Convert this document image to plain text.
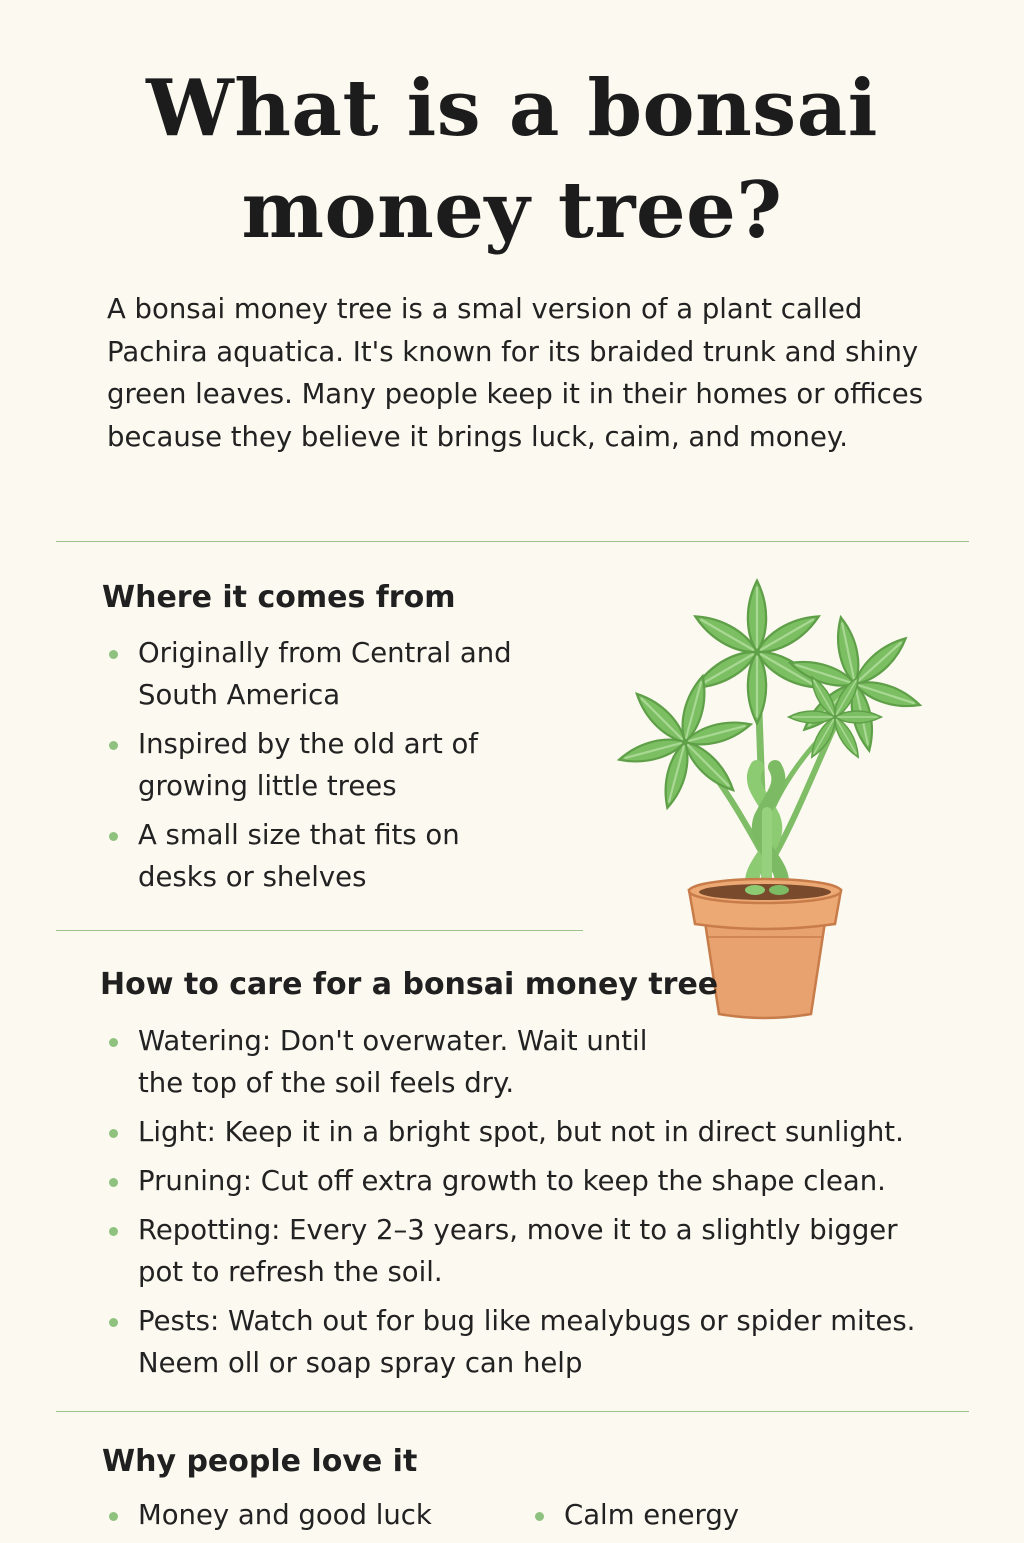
What is a bonsai
money tree?

A bonsai money tree is a smal version of a plant called Pachira aquatica. It's known for its braided trunk and shiny green leaves. Many people keep it in their homes or offices because they believe it brings luck, caim, and money.

Where it comes from
Originally from Central and South America
Inspired by the old art of growing little trees
A small size that fits on desks or shelves
How to care for a bonsai money tree
Watering: Don't overwater. Wait until the top of the soil feels dry.
Light: Keep it in a bright spot, but not in direct sunlight.
Pruning: Cut off extra growth to keep the shape clean.
Repotting: Every 2–3 years, move it to a slightly bigger pot to refresh the soil.
Pests: Watch out for bug like mealybugs or spider mites. Neem oll or soap spray can help
Why people love it
Money and good luck	Calm energy
